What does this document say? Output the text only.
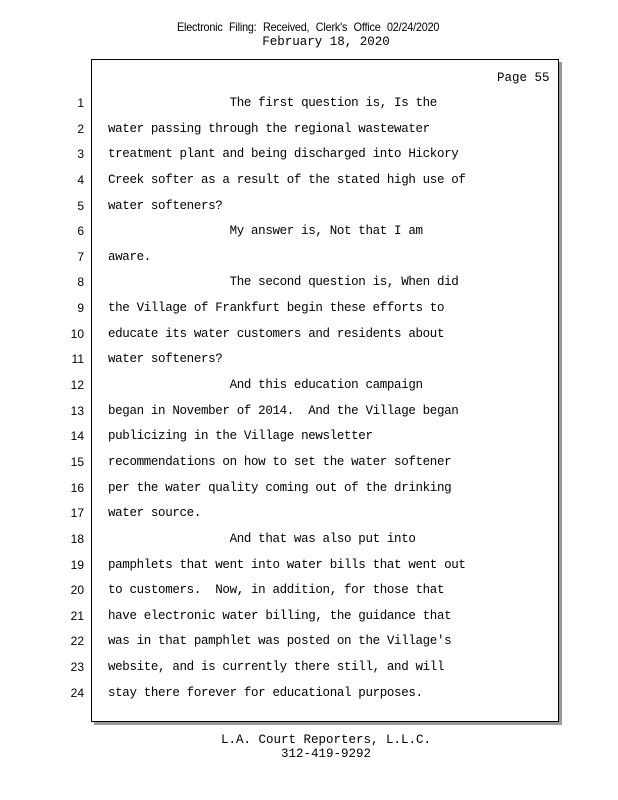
Electronic Filing: Received, Clerk's Office 02/24/2020
February 18, 2020
Page 55
1
2
3
4
5
6
7
8
9
10
11
12
13
14
15
16
17
18
19
20
21
22
23
24
The first question is, Is the
water passing through the regional wastewater
treatment plant and being discharged into Hickory
Creek softer as a result of the stated high use of
water softeners?
My answer is, Not that I am
aware.
The second question is, When did
the Village of Frankfurt begin these efforts to
educate its water customers and residents about
water softeners?
And this education campaign
began in November of 2014.  And the Village began
publicizing in the Village newsletter
recommendations on how to set the water softener
per the water quality coming out of the drinking
water source.
And that was also put into
pamphlets that went into water bills that went out
to customers.  Now, in addition, for those that
have electronic water billing, the guidance that
was in that pamphlet was posted on the Village's
website, and is currently there still, and will
stay there forever for educational purposes.
L.A. Court Reporters, L.L.C.
312-419-9292
